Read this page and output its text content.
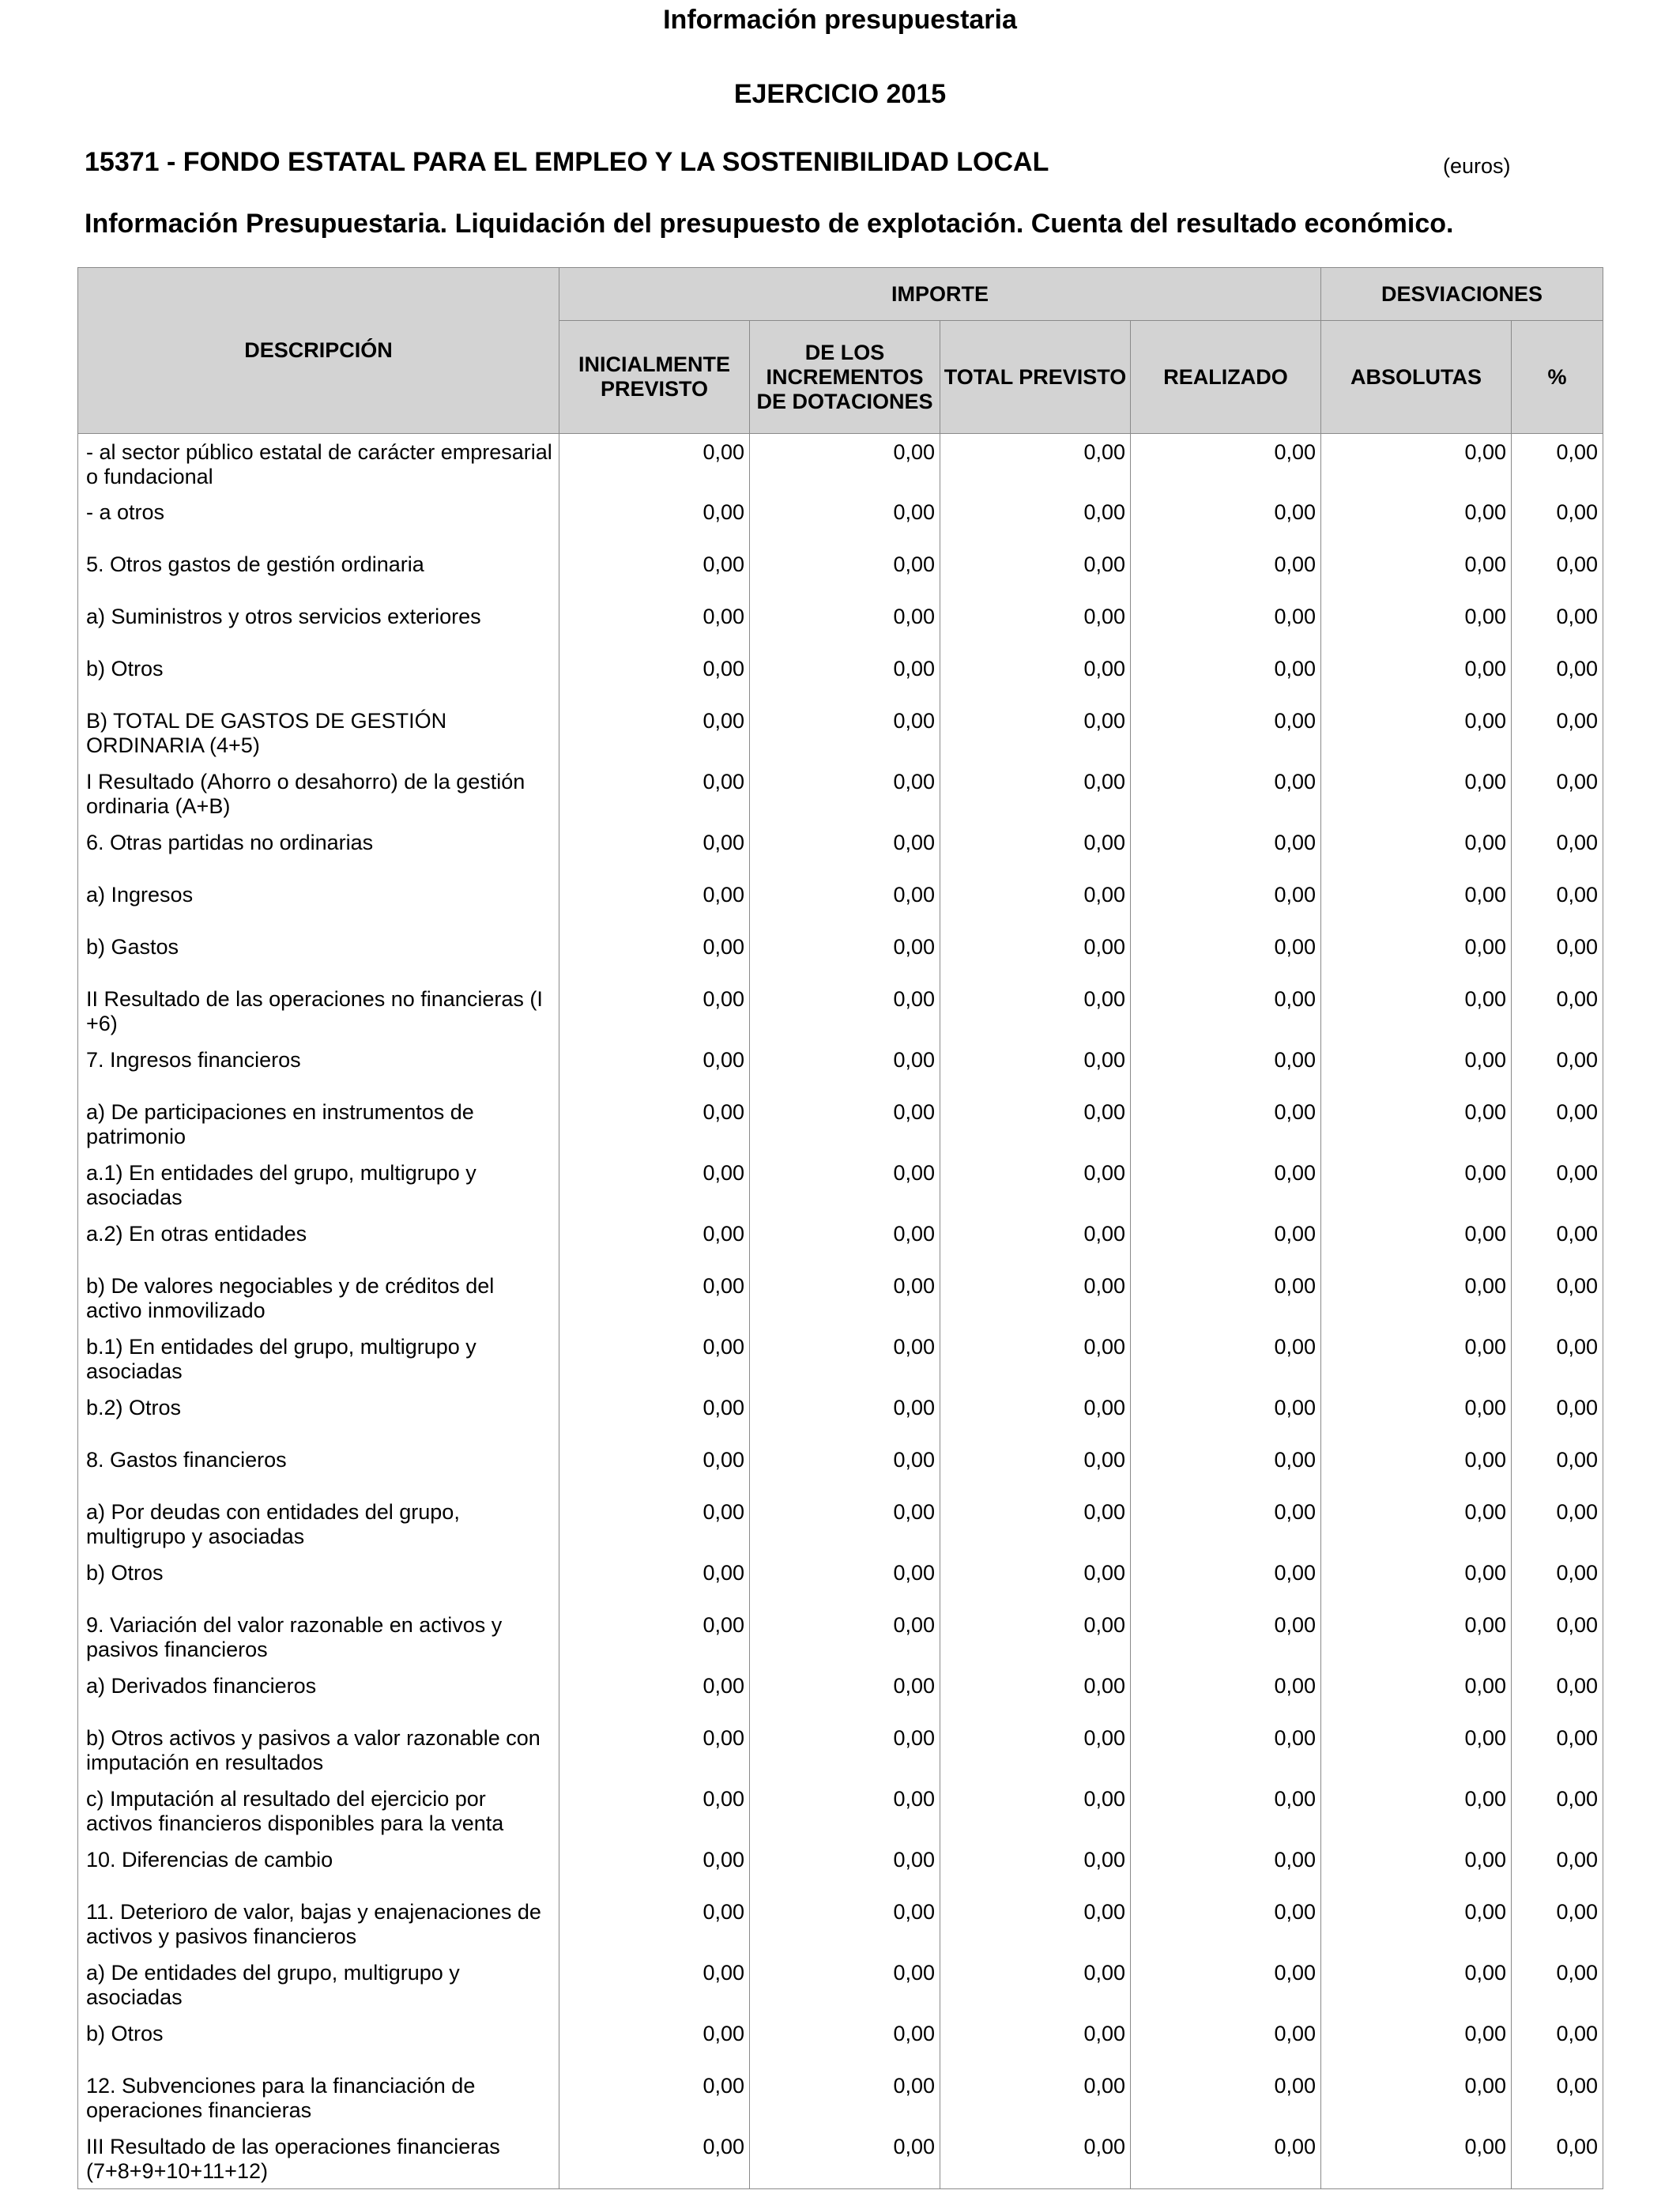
Información presupuestaria
EJERCICIO 2015
15371 - FONDO ESTATAL PARA EL EMPLEO Y LA SOSTENIBILIDAD LOCAL	(euros)
Información Presupuestaria. Liquidación del presupuesto de explotación. Cuenta del resultado económico.
DESCRIPCIÓN	IMPORTE				DESVIACIONES	
	INICIALMENTE PREVISTO	DE LOS INCREMENTOS DE DOTACIONES	TOTAL PREVISTO	REALIZADO	ABSOLUTAS	%
- al sector público estatal de carácter empresarial o fundacional	0,00	0,00	0,00	0,00	0,00	0,00
- a otros	0,00	0,00	0,00	0,00	0,00	0,00
5. Otros gastos de gestión ordinaria	0,00	0,00	0,00	0,00	0,00	0,00
a) Suministros y otros servicios exteriores	0,00	0,00	0,00	0,00	0,00	0,00
b) Otros	0,00	0,00	0,00	0,00	0,00	0,00
B) TOTAL DE GASTOS DE GESTIÓN ORDINARIA (4+5)	0,00	0,00	0,00	0,00	0,00	0,00
I Resultado (Ahorro o desahorro) de la gestión ordinaria (A+B)	0,00	0,00	0,00	0,00	0,00	0,00
6. Otras partidas no ordinarias	0,00	0,00	0,00	0,00	0,00	0,00
a) Ingresos	0,00	0,00	0,00	0,00	0,00	0,00
b) Gastos	0,00	0,00	0,00	0,00	0,00	0,00
II Resultado de las operaciones no financieras (I +6)	0,00	0,00	0,00	0,00	0,00	0,00
7. Ingresos financieros	0,00	0,00	0,00	0,00	0,00	0,00
a) De participaciones en instrumentos de patrimonio	0,00	0,00	0,00	0,00	0,00	0,00
a.1) En entidades del grupo, multigrupo y asociadas	0,00	0,00	0,00	0,00	0,00	0,00
a.2) En otras entidades	0,00	0,00	0,00	0,00	0,00	0,00
b) De valores negociables y de créditos del activo inmovilizado	0,00	0,00	0,00	0,00	0,00	0,00
b.1) En entidades del grupo, multigrupo y asociadas	0,00	0,00	0,00	0,00	0,00	0,00
b.2) Otros	0,00	0,00	0,00	0,00	0,00	0,00
8. Gastos financieros	0,00	0,00	0,00	0,00	0,00	0,00
a) Por deudas con entidades del grupo, multigrupo y asociadas	0,00	0,00	0,00	0,00	0,00	0,00
b) Otros	0,00	0,00	0,00	0,00	0,00	0,00
9. Variación del valor razonable en activos y pasivos financieros	0,00	0,00	0,00	0,00	0,00	0,00
a) Derivados financieros	0,00	0,00	0,00	0,00	0,00	0,00
b) Otros activos y pasivos a valor razonable con imputación en resultados	0,00	0,00	0,00	0,00	0,00	0,00
c) Imputación al resultado del ejercicio por activos financieros disponibles para la venta	0,00	0,00	0,00	0,00	0,00	0,00
10. Diferencias de cambio	0,00	0,00	0,00	0,00	0,00	0,00
11. Deterioro de valor, bajas y enajenaciones de activos y pasivos financieros	0,00	0,00	0,00	0,00	0,00	0,00
a) De entidades del grupo, multigrupo y asociadas	0,00	0,00	0,00	0,00	0,00	0,00
b) Otros	0,00	0,00	0,00	0,00	0,00	0,00
12. Subvenciones para la financiación de operaciones financieras	0,00	0,00	0,00	0,00	0,00	0,00
III Resultado de las operaciones financieras (7+8+9+10+11+12)	0,00	0,00	0,00	0,00	0,00	0,00
